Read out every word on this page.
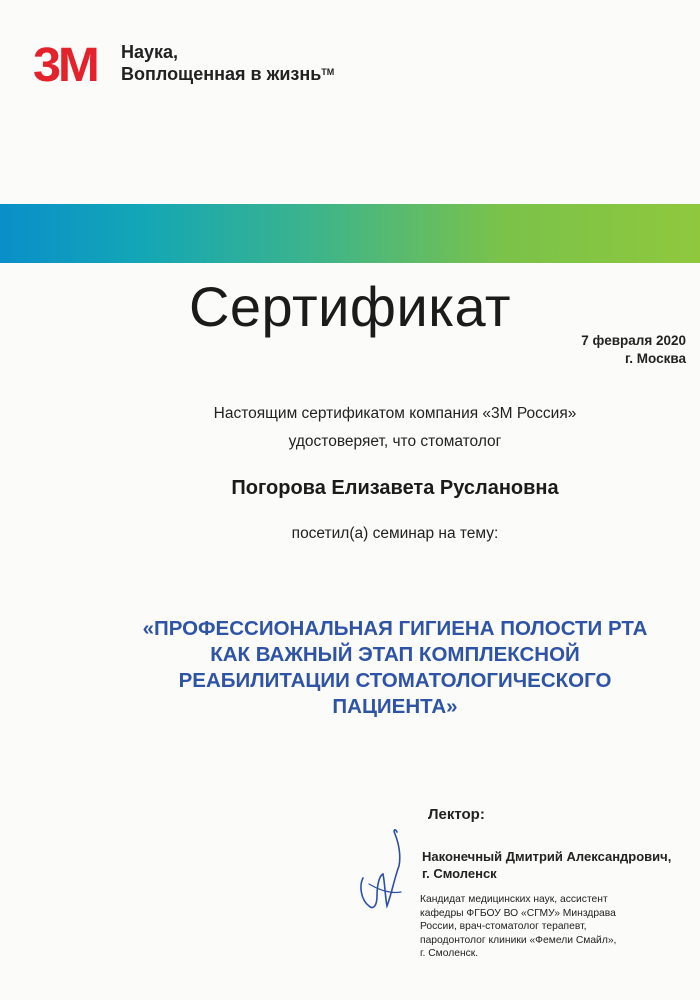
3M Наука,
Воплощенная в жизнь™
Сертификат
7 февраля 2020
г. Москва
Настоящим сертификатом компания «3М Россия»
удостоверяет, что стоматолог
Погорова Елизавета Руслановна
посетил(а) семинар на тему:
«ПРОФЕССИОНАЛЬНАЯ ГИГИЕНА ПОЛОСТИ РТА
КАК ВАЖНЫЙ ЭТАП КОМПЛЕКСНОЙ
РЕАБИЛИТАЦИИ СТОМАТОЛОГИЧЕСКОГО
ПАЦИЕНТА»
Лектор:
Наконечный Дмитрий Александрович,
г. Смоленск
Кандидат медицинских наук, ассистент
кафедры ФГБОУ ВО «СГМУ» Минздрава
России, врач-стоматолог терапевт,
пародонтолог клиники «Фемели Смайл»,
г. Смоленск.
